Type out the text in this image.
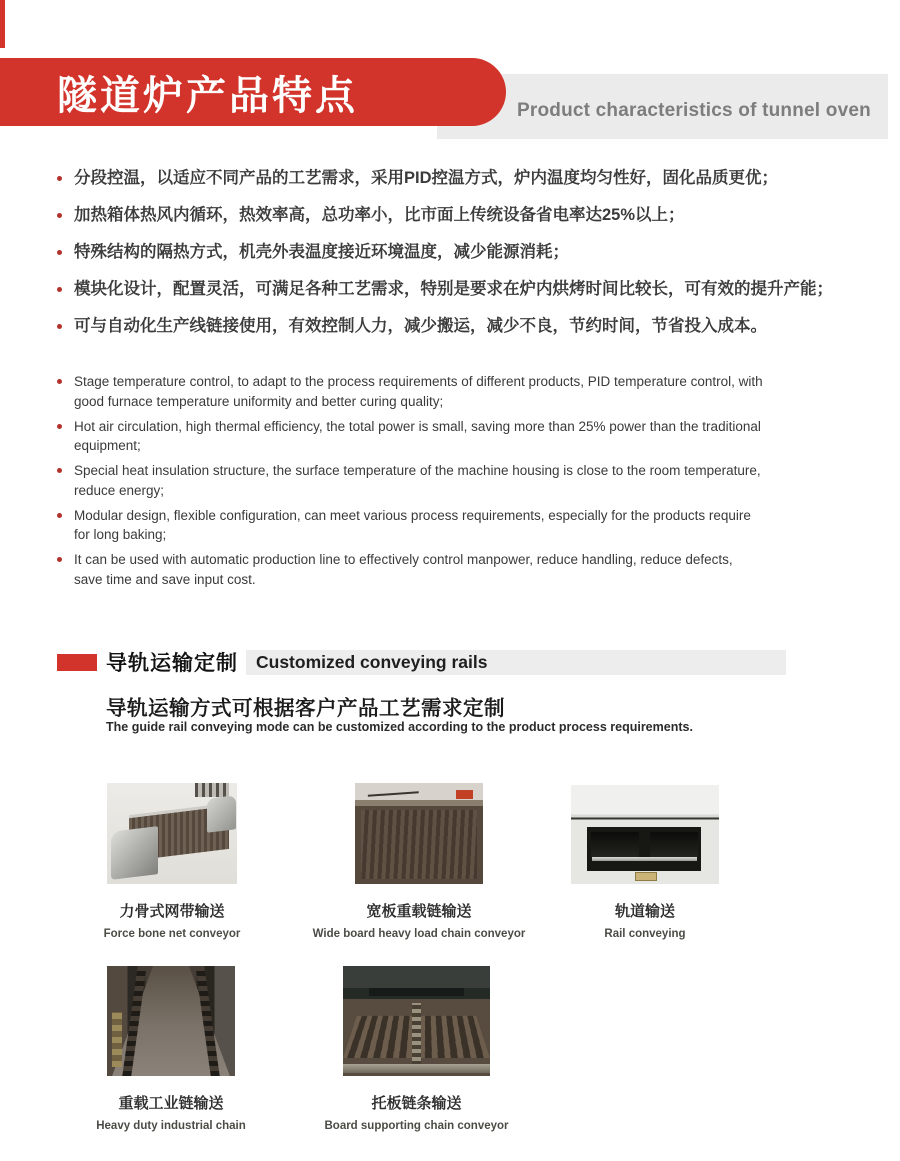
Product characteristics of tunnel oven
隧道炉产品特点
分段控温，以适应不同产品的工艺需求，采用PID控温方式，炉内温度均匀性好，固化品质更优；
加热箱体热风内循环，热效率高，总功率小，比市面上传统设备省电率达25%以上；
特殊结构的隔热方式，机壳外表温度接近环境温度，减少能源消耗；
模块化设计，配置灵活，可满足各种工艺需求，特别是要求在炉内烘烤时间比较长，可有效的提升产能；
可与自动化生产线链接使用，有效控制人力，减少搬运，减少不良，节约时间，节省投入成本。
Stage temperature control, to adapt to the process requirements of different products, PID temperature control, with good furnace temperature uniformity and better curing quality;
Hot air circulation, high thermal efficiency, the total power is small, saving more than 25% power than the traditional equipment;
Special heat insulation structure, the surface temperature of the machine housing is close to the room temperature, reduce energy;
Modular design, flexible configuration, can meet various process requirements, especially for the products require for long baking;
It can be used with automatic production line to effectively control manpower, reduce handling, reduce defects, save time and save input cost.
导轨运输定制 Customized conveying rails
导轨运输方式可根据客户产品工艺需求定制
The guide rail conveying mode can be customized according to the product process requirements.
力骨式网带输送
Force bone net conveyor
宽板重载链输送
Wide board heavy load chain conveyor
轨道输送
Rail conveying
重载工业链输送
Heavy duty industrial chain
托板链条输送
Board supporting chain conveyor
